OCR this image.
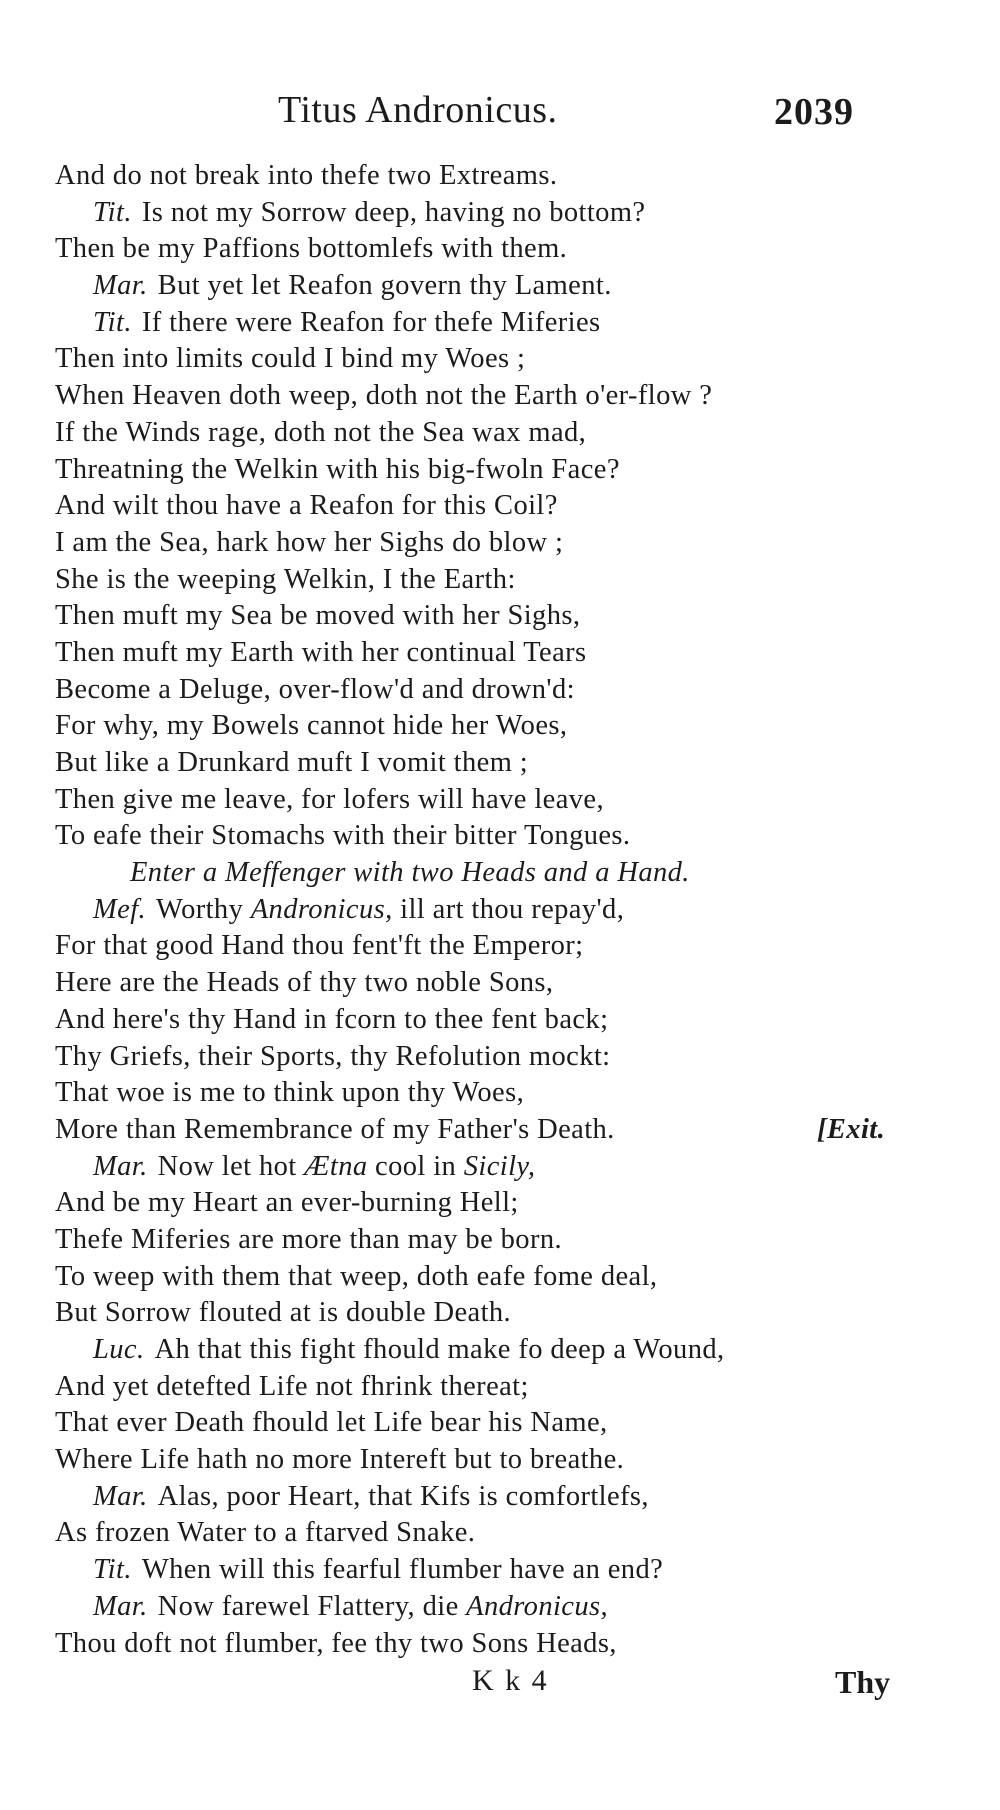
Titus Andronicus.	2039
And do not break into thefe two Extreams.
Tit. Is not my Sorrow deep, having no bottom?
Then be my Paffions bottomlefs with them.
Mar. But yet let Reafon govern thy Lament.
Tit. If there were Reafon for thefe Miferies
Then into limits could I bind my Woes ;
When Heaven doth weep, doth not the Earth o'er-flow ?
If the Winds rage, doth not the Sea wax mad,
Threatning the Welkin with his big-fwoln Face?
And wilt thou have a Reafon for this Coil?
I am the Sea, hark how her Sighs do blow ;
She is the weeping Welkin, I the Earth:
Then muft my Sea be moved with her Sighs,
Then muft my Earth with her continual Tears
Become a Deluge, over-flow'd and drown'd:
For why, my Bowels cannot hide her Woes,
But like a Drunkard muft I vomit them ;
Then give me leave, for lofers will have leave,
To eafe their Stomachs with their bitter Tongues.
Enter a Meffenger with two Heads and a Hand.
Mef. Worthy Andronicus, ill art thou repay'd,
For that good Hand thou fent'ft the Emperor;
Here are the Heads of thy two noble Sons,
And here's thy Hand in fcorn to thee fent back;
Thy Griefs, their Sports, thy Refolution mockt:
That woe is me to think upon thy Woes,
More than Remembrance of my Father's Death.	[Exit.
Mar. Now let hot Ætna cool in Sicily,
And be my Heart an ever-burning Hell;
Thefe Miferies are more than may be born.
To weep with them that weep, doth eafe fome deal,
But Sorrow flouted at is double Death.
Luc. Ah that this fight fhould make fo deep a Wound,
And yet detefted Life not fhrink thereat;
That ever Death fhould let Life bear his Name,
Where Life hath no more Intereft but to breathe.
Mar. Alas, poor Heart, that Kifs is comfortlefs,
As frozen Water to a ftarved Snake.
Tit. When will this fearful flumber have an end?
Mar. Now farewel Flattery, die Andronicus,
Thou doft not flumber, fee thy two Sons Heads,
K k 4	Thy
